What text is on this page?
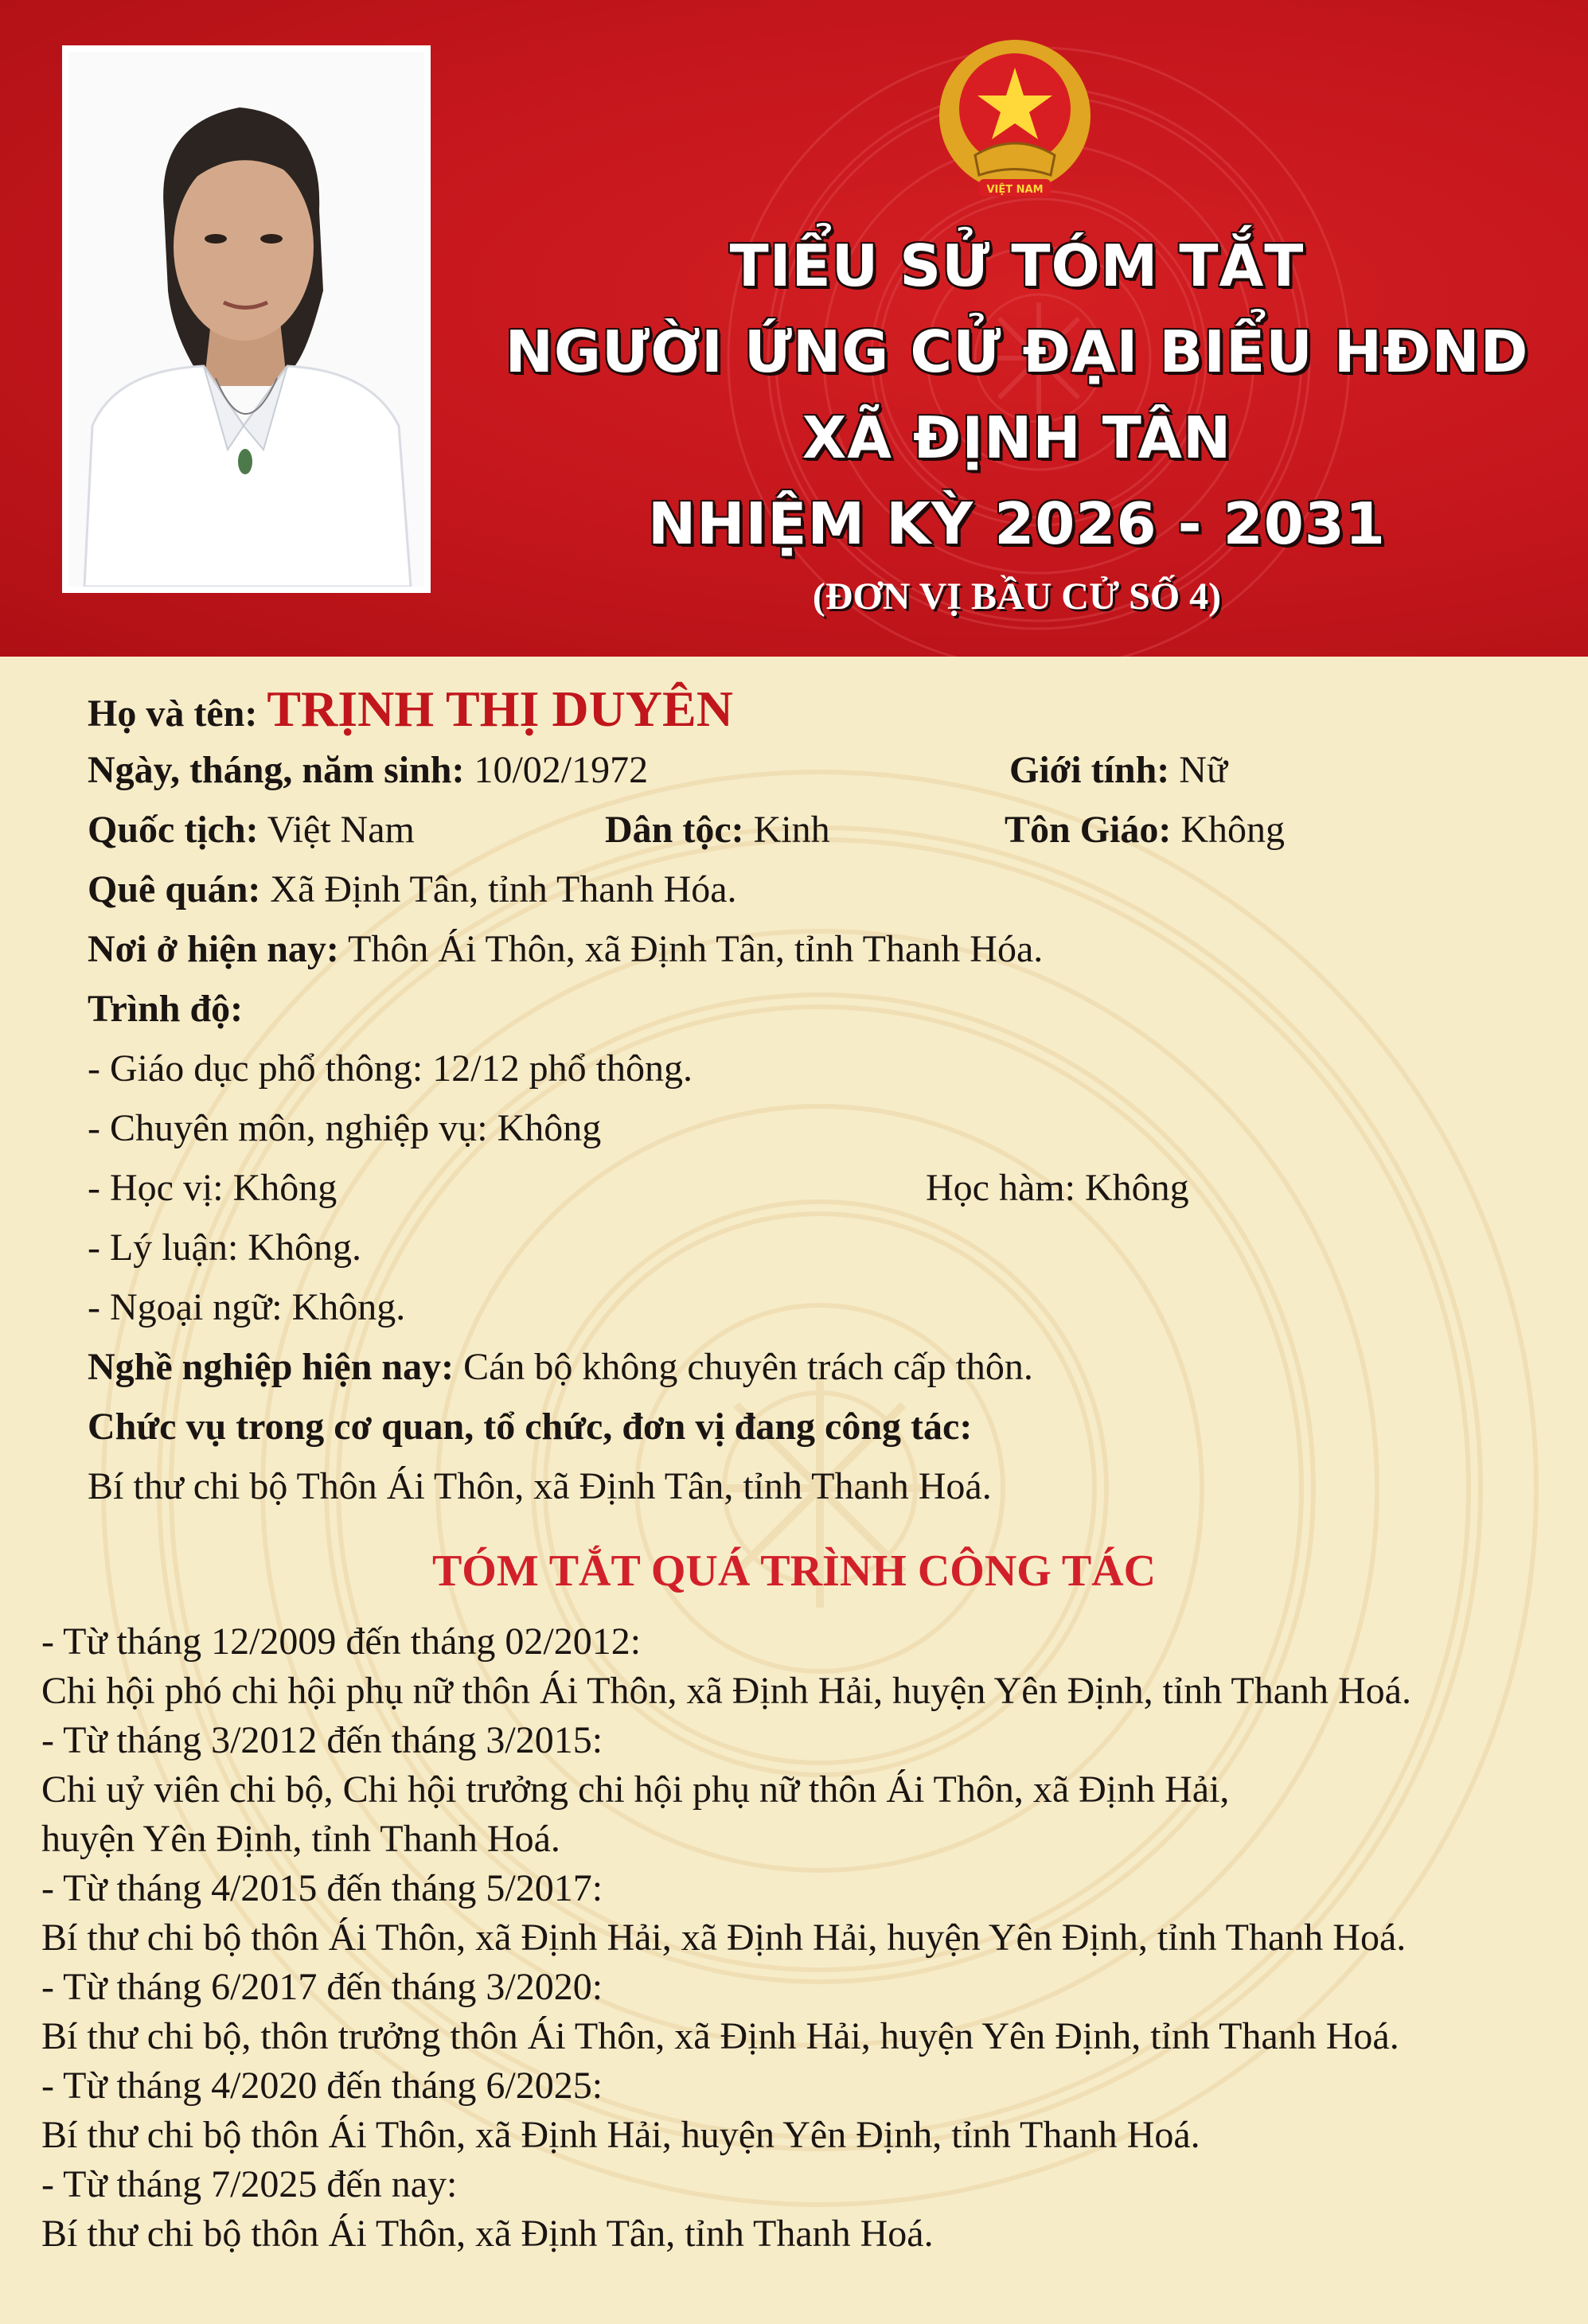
VIỆT NAM
TIỂU SỬ TÓM TẮT
NGƯỜI ỨNG CỬ ĐẠI BIỂU HĐND
XÃ ĐỊNH TÂN
NHIỆM KỲ 2026 - 2031
(ĐƠN VỊ BẦU CỬ SỐ 4)
Họ và tên: TRỊNH THỊ DUYÊN
Ngày, tháng, năm sinh: 10/02/1972	Giới tính: Nữ
Quốc tịch: Việt Nam	Dân tộc: Kinh	Tôn Giáo: Không
Quê quán: Xã Định Tân, tỉnh Thanh Hóa.
Nơi ở hiện nay: Thôn Ái Thôn, xã Định Tân, tỉnh Thanh Hóa.
Trình độ:
- Giáo dục phổ thông: 12/12 phổ thông.
- Chuyên môn, nghiệp vụ: Không
- Học vị: Không	Học hàm: Không
- Lý luận: Không.
- Ngoại ngữ: Không.
Nghề nghiệp hiện nay: Cán bộ không chuyên trách cấp thôn.
Chức vụ trong cơ quan, tổ chức, đơn vị đang công tác:
Bí thư chi bộ Thôn Ái Thôn, xã Định Tân, tỉnh Thanh Hoá.
TÓM TẮT QUÁ TRÌNH CÔNG TÁC
- Từ tháng 12/2009 đến tháng 02/2012:
Chi hội phó chi hội phụ nữ thôn Ái Thôn, xã Định Hải, huyện Yên Định, tỉnh Thanh Hoá.
- Từ tháng 3/2012 đến tháng 3/2015:
Chi uỷ viên chi bộ, Chi hội trưởng chi hội phụ nữ thôn Ái Thôn, xã Định Hải,
huyện Yên Định, tỉnh Thanh Hoá.
- Từ tháng 4/2015 đến tháng 5/2017:
Bí thư chi bộ thôn Ái Thôn, xã Định Hải, xã Định Hải, huyện Yên Định, tỉnh Thanh Hoá.
- Từ tháng 6/2017 đến tháng 3/2020:
Bí thư chi bộ, thôn trưởng thôn Ái Thôn, xã Định Hải, huyện Yên Định, tỉnh Thanh Hoá.
- Từ tháng 4/2020 đến tháng 6/2025:
Bí thư chi bộ thôn Ái Thôn, xã Định Hải, huyện Yên Định, tỉnh Thanh Hoá.
- Từ tháng 7/2025 đến nay:
Bí thư chi bộ thôn Ái Thôn, xã Định Tân, tỉnh Thanh Hoá.
